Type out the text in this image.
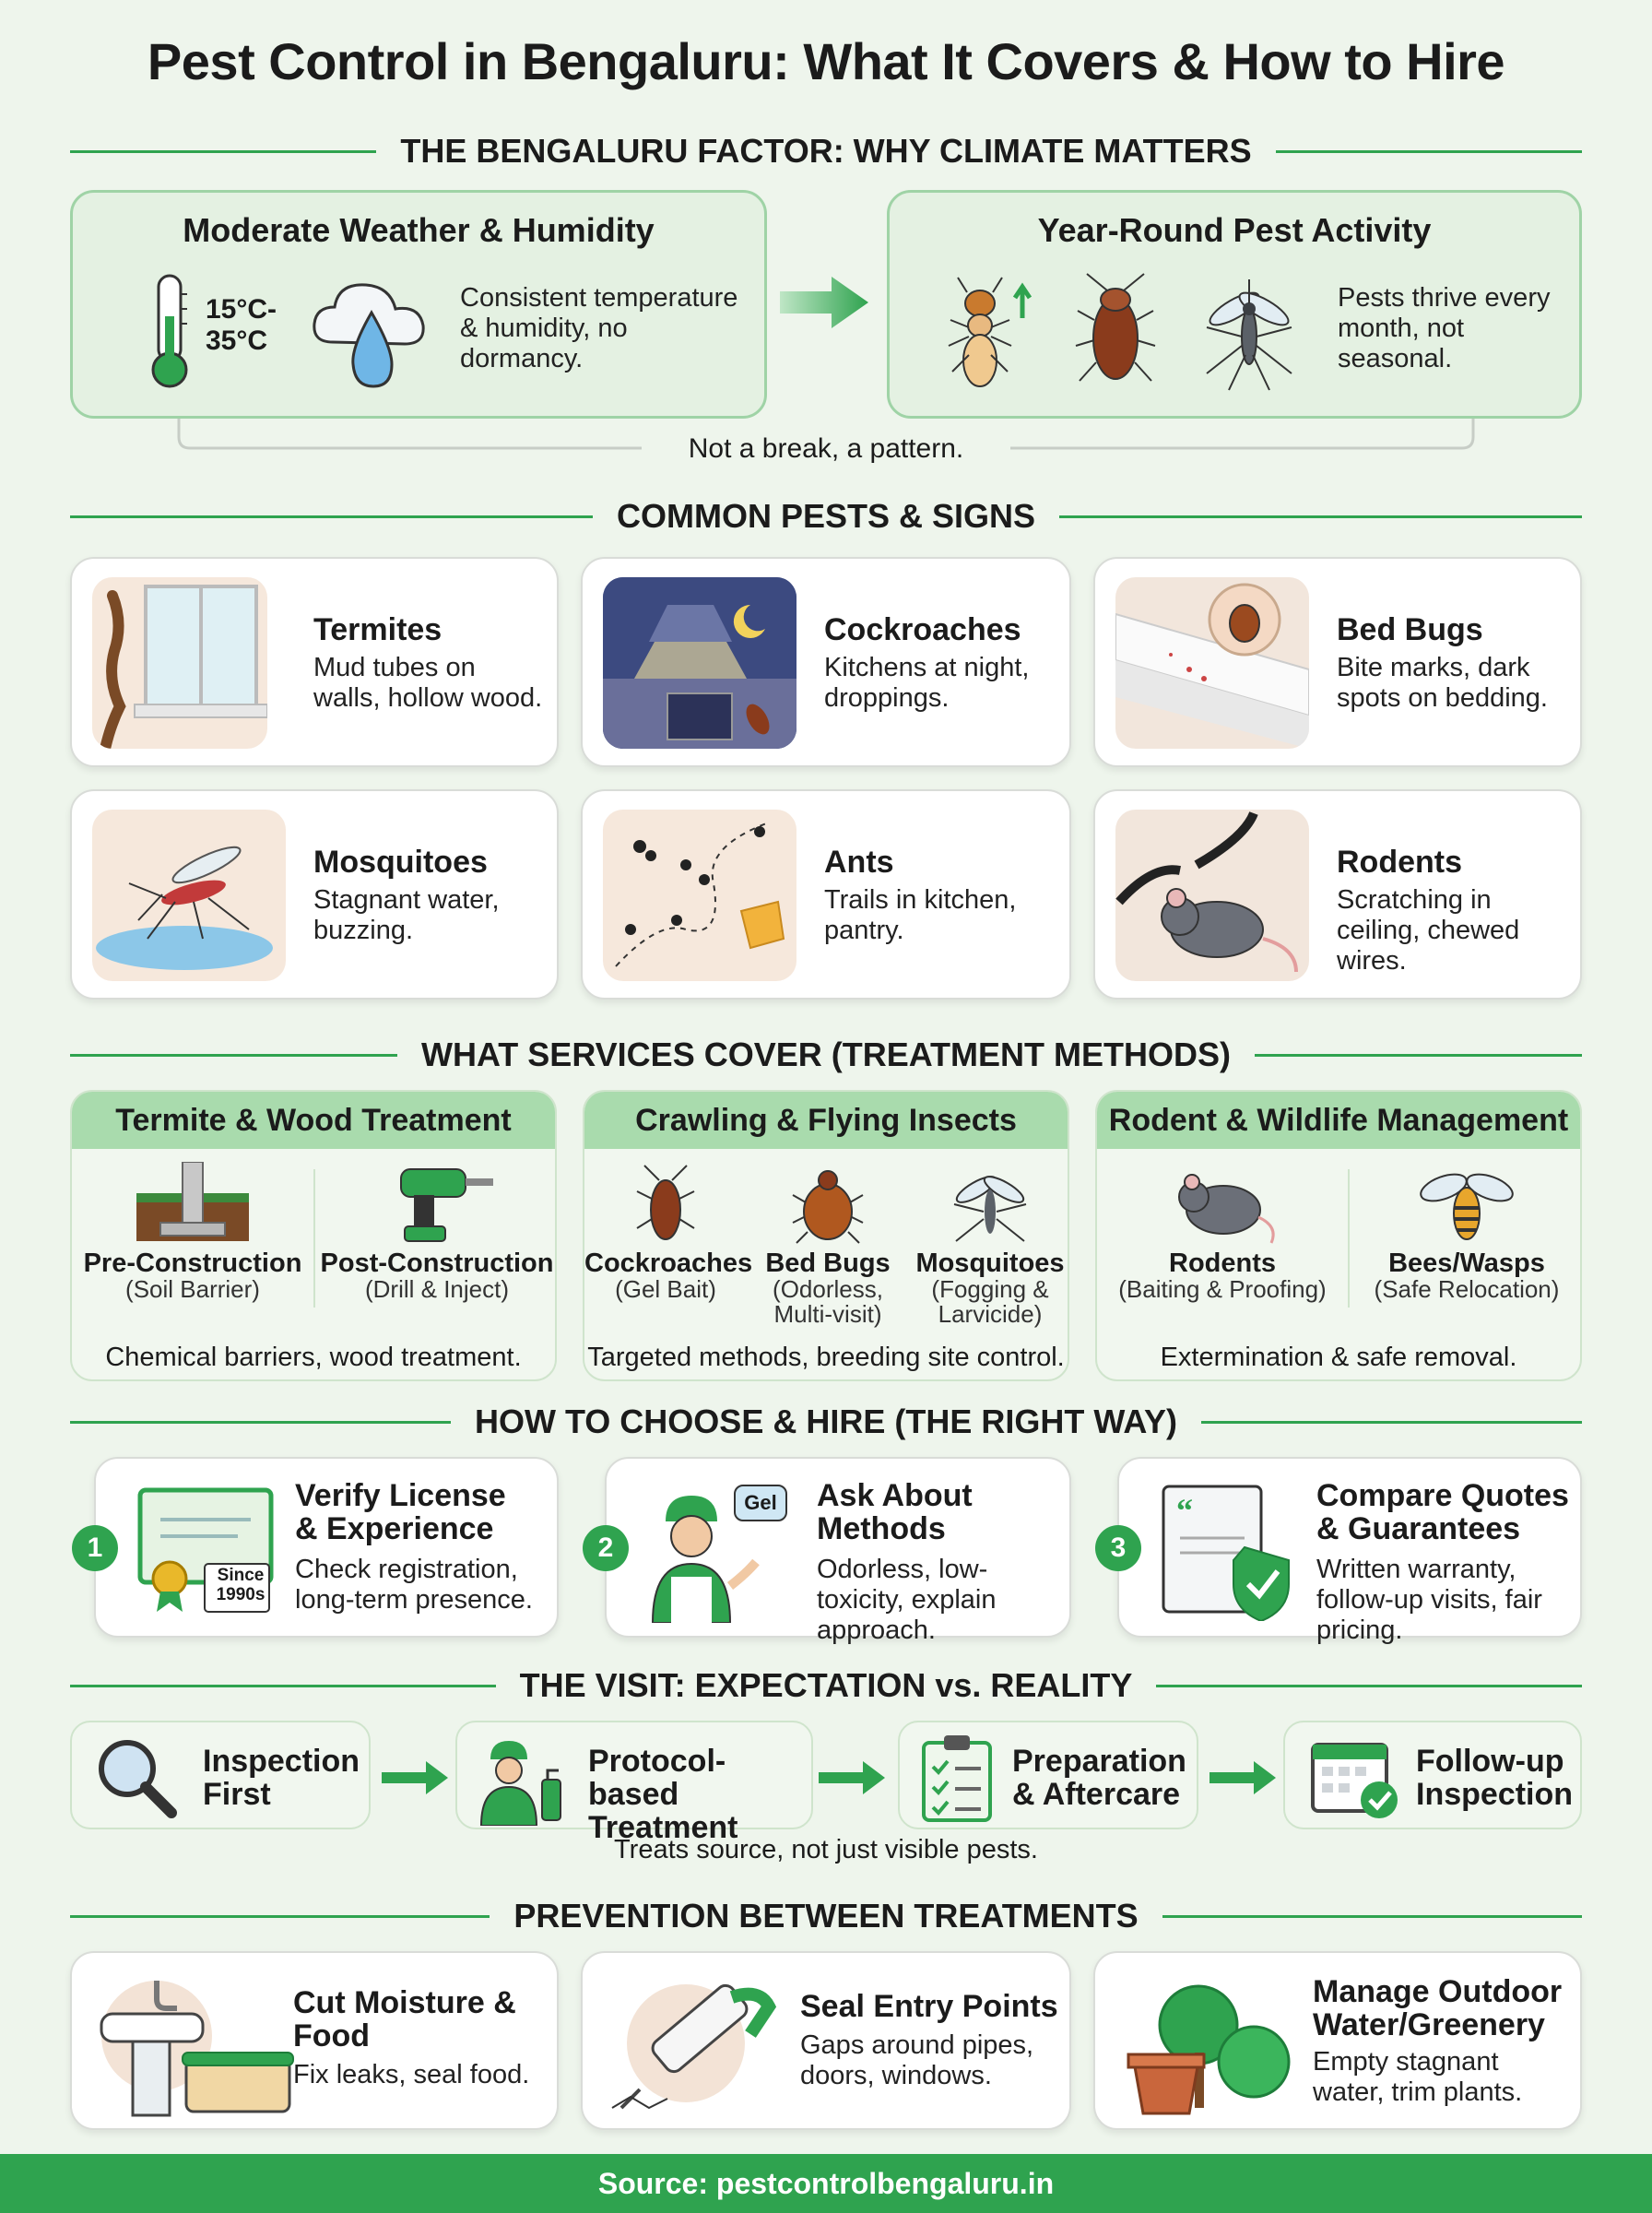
Pest Control in Bengaluru: What It Covers & How to Hire
THE BENGALURU FACTOR: WHY CLIMATE MATTERS
Moderate Weather & Humidity
15°C-
35°C
Consistent temperature & humidity, no dormancy.
Year-Round Pest Activity
Pests thrive every month, not seasonal.
Not a break, a pattern.
COMMON PESTS & SIGNS
Termites
Mud tubes on walls, hollow wood.
Cockroaches
Kitchens at night, droppings.
Bed Bugs
Bite marks, dark spots on bedding.
Mosquitoes
Stagnant water, buzzing.
Ants
Trails in kitchen, pantry.
Rodents
Scratching in ceiling, chewed wires.
WHAT SERVICES COVER (TREATMENT METHODS)
Termite & Wood Treatment
Pre-Construction
(Soil Barrier)
Post-Construction
(Drill & Inject)
Chemical barriers, wood treatment.
Crawling & Flying Insects
Cockroaches
(Gel Bait)
Bed Bugs
(Odorless, Multi-visit)
Mosquitoes
(Fogging & Larvicide)
Targeted methods, breeding site control.
Rodent & Wildlife Management
Rodents
(Baiting & Proofing)
Bees/Wasps
(Safe Relocation)
Extermination & safe removal.
HOW TO CHOOSE & HIRE (THE RIGHT WAY)
Since 1990s
Verify License & Experience
Check registration, long-term presence.
1
Gel	Ask About Methods
Odorless, low-toxicity, explain approach.
2
“	Compare Quotes & Guarantees
Written warranty, follow-up visits, fair pricing.
3
THE VISIT: EXPECTATION vs. REALITY
Inspection First
Protocol-based Treatment
Preparation & Aftercare
Follow-up Inspection
Treats source, not just visible pests.
PREVENTION BETWEEN TREATMENTS
Cut Moisture & Food
Fix leaks, seal food.
Seal Entry Points
Gaps around pipes, doors, windows.
Manage Outdoor Water/Greenery
Empty stagnant water, trim plants.
Source: pestcontrolbengaluru.in
